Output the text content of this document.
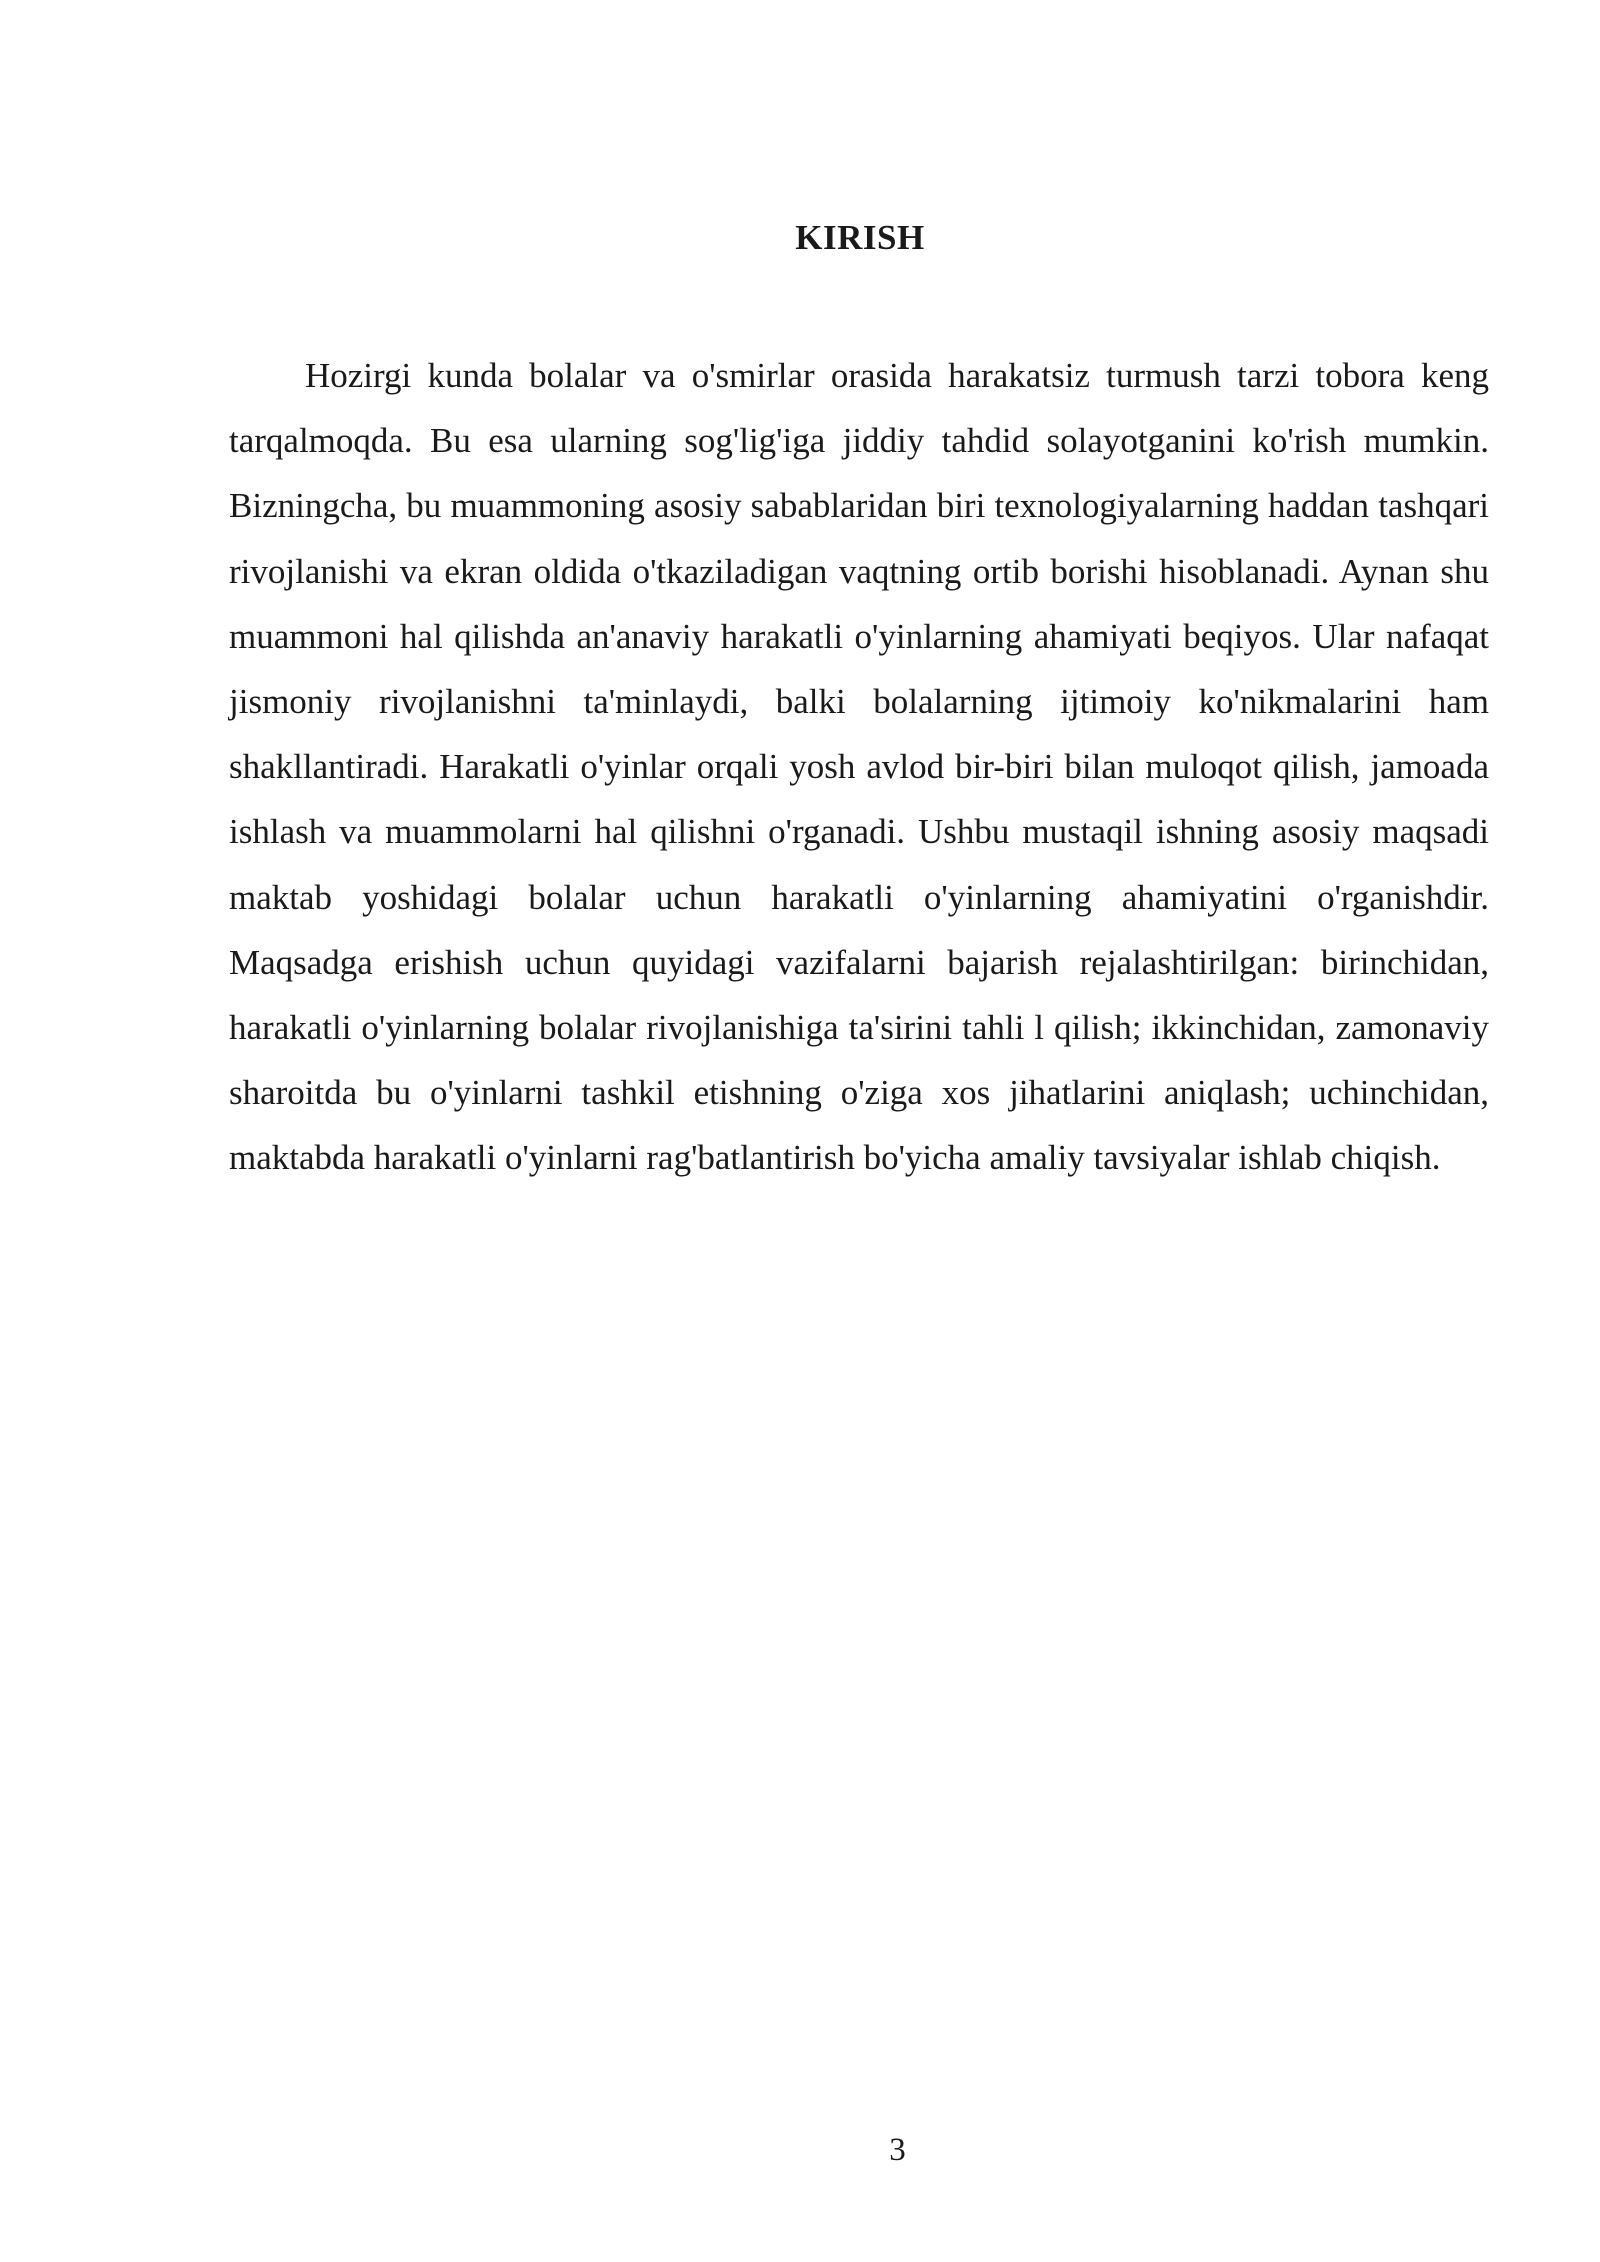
KIRISH

Hozirgi kunda bolalar va o'smirlar orasida harakatsiz turmush tarzi tobora keng tarqalmoqda. Bu esa ularning sog'lig'iga jiddiy tahdid solayotganini ko'rish mumkin. Bizningcha, bu muammoning asosiy sabablaridan biri texnologiyalarning haddan tashqari rivojlanishi va ekran oldida o'tkaziladigan vaqtning ortib borishi hisoblanadi. Aynan shu muammoni hal qilishda an'anaviy harakatli o'yinlarning ahamiyati beqiyos. Ular nafaqat jismoniy rivojlanishni ta'minlaydi, balki bolalarning ijtimoiy ko'nikmalarini ham shakllantiradi. Harakatli o'yinlar orqali yosh avlod bir-biri bilan muloqot qilish, jamoada ishlash va muammolarni hal qilishni o'rganadi. Ushbu mustaqil ishning asosiy maqsadi maktab yoshidagi bolalar uchun harakatli o'yinlarning ahamiyatini o'rganishdir. Maqsadga erishish uchun quyidagi vazifalarni bajarish rejalashtirilgan: birinchidan, harakatli o'yinlarning bolalar rivojlanishiga ta'sirini tahli l qilish; ikkinchidan, zamonaviy sharoitda bu o'yinlarni tashkil etishning o'ziga xos jihatlarini aniqlash; uchinchidan, maktabda harakatli o'yinlarni rag'batlantirish bo'yicha amaliy tavsiyalar ishlab chiqish.

3
